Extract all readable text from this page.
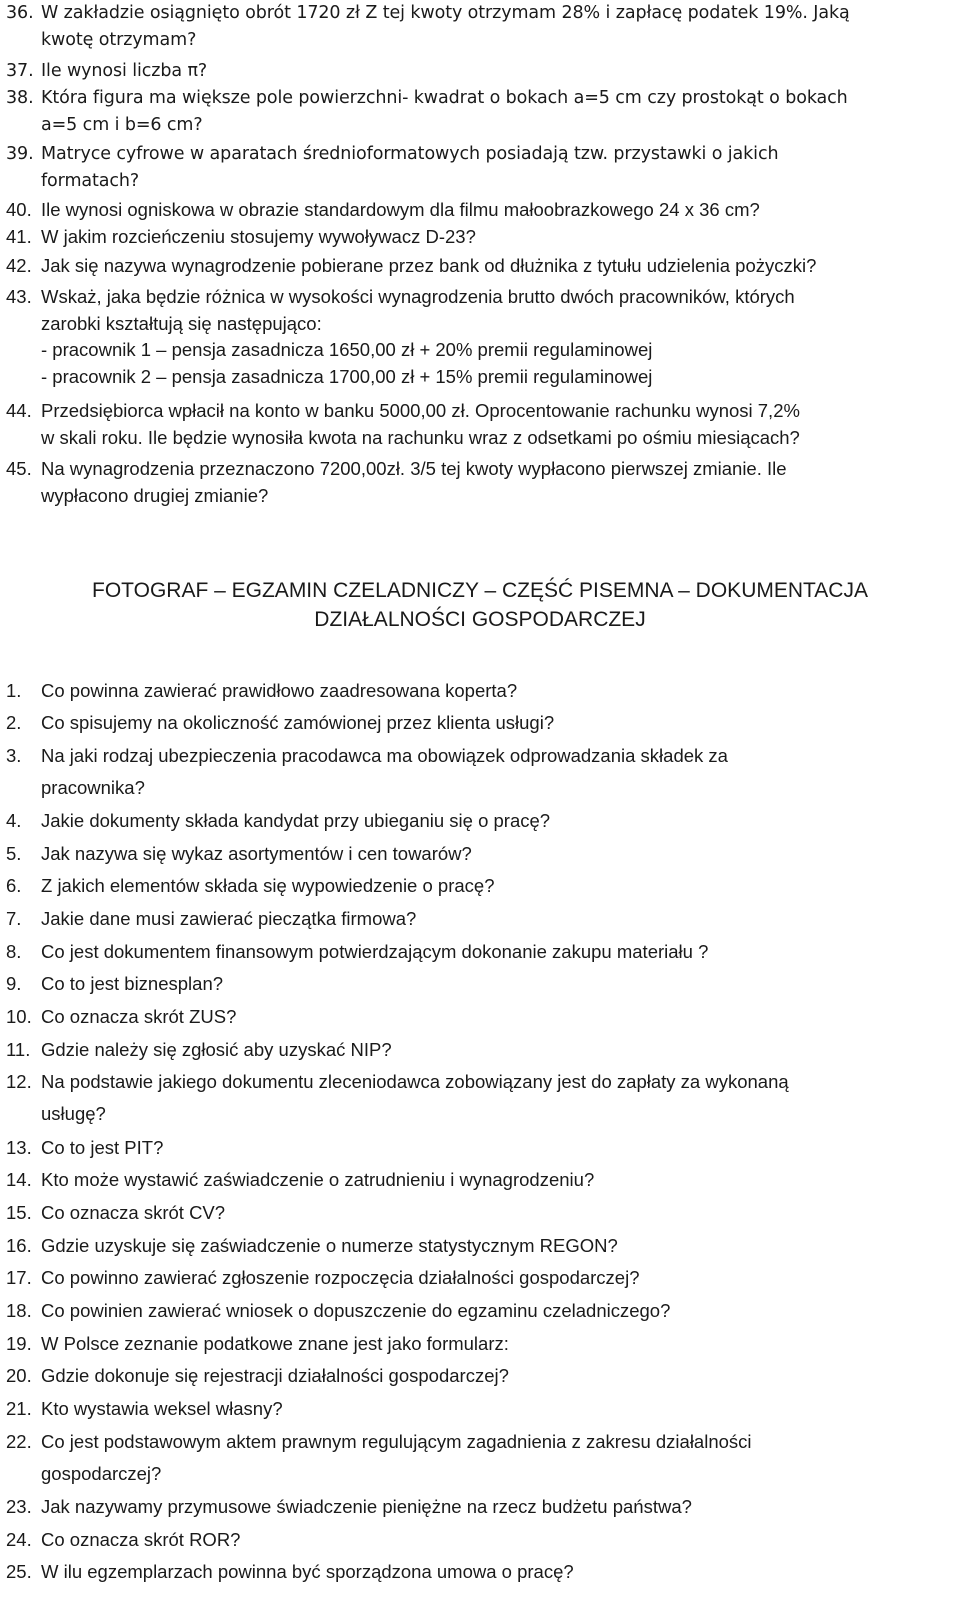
36. W zakładzie osiągnięto obrót 1720 zł Z tej kwoty otrzymam 28% i zapłacę podatek 19%. Jaką
kwotę otrzymam?
37. Ile wynosi liczba π?
38. Która figura ma większe pole powierzchni- kwadrat o bokach a=5 cm czy prostokąt o bokach
a=5 cm i b=6 cm?
39. Matryce cyfrowe w aparatach średnioformatowych posiadają tzw. przystawki o jakich
formatach?
40. Ile wynosi ogniskowa w obrazie standardowym dla filmu małoobrazkowego 24 x 36 cm?
41. W jakim rozcieńczeniu stosujemy wywoływacz D-23?
42. Jak się nazywa wynagrodzenie pobierane przez bank od dłużnika z tytułu udzielenia pożyczki?
43. Wskaż, jaka będzie różnica w wysokości wynagrodzenia brutto dwóch pracowników, których
zarobki kształtują się następująco:
- pracownik 1 – pensja zasadnicza 1650,00 zł + 20% premii regulaminowej
- pracownik 2 – pensja zasadnicza 1700,00 zł + 15% premii regulaminowej
44. Przedsiębiorca wpłacił na konto w banku 5000,00 zł. Oprocentowanie rachunku wynosi 7,2%
w skali roku. Ile będzie wynosiła kwota na rachunku wraz z odsetkami po ośmiu miesiącach?
45. Na wynagrodzenia przeznaczono 7200,00zł. 3/5 tej kwoty wypłacono pierwszej zmianie. Ile
wypłacono drugiej zmianie?
FOTOGRAF – EGZAMIN CZELADNICZY – CZĘŚĆ PISEMNA – DOKUMENTACJA
DZIAŁALNOŚCI GOSPODARCZEJ
1. Co powinna zawierać prawidłowo zaadresowana koperta?
2. Co spisujemy na okoliczność zamówionej przez klienta usługi?
3. Na jaki rodzaj ubezpieczenia pracodawca ma obowiązek odprowadzania składek za
pracownika?
4. Jakie dokumenty składa kandydat przy ubieganiu się o pracę?
5. Jak nazywa się wykaz asortymentów i cen towarów?
6. Z jakich elementów składa się wypowiedzenie o pracę?
7. Jakie dane musi zawierać pieczątka firmowa?
8. Co jest dokumentem finansowym potwierdzającym dokonanie zakupu materiału ?
9. Co to jest biznesplan?
10. Co oznacza skrót ZUS?
11. Gdzie należy się zgłosić aby uzyskać NIP?
12. Na podstawie jakiego dokumentu zleceniodawca zobowiązany jest do zapłaty za wykonaną
usługę?
13. Co to jest PIT?
14. Kto może wystawić zaświadczenie o zatrudnieniu i wynagrodzeniu?
15. Co oznacza skrót CV?
16. Gdzie uzyskuje się zaświadczenie o numerze statystycznym REGON?
17. Co powinno zawierać zgłoszenie rozpoczęcia działalności gospodarczej?
18. Co powinien zawierać wniosek o dopuszczenie do egzaminu czeladniczego?
19. W Polsce zeznanie podatkowe znane jest jako formularz:
20. Gdzie dokonuje się rejestracji działalności gospodarczej?
21. Kto wystawia weksel własny?
22. Co jest podstawowym aktem prawnym regulującym zagadnienia z zakresu działalności
gospodarczej?
23. Jak nazywamy przymusowe świadczenie pieniężne na rzecz budżetu państwa?
24. Co oznacza skrót ROR?
25. W ilu egzemplarzach powinna być sporządzona umowa o pracę?
